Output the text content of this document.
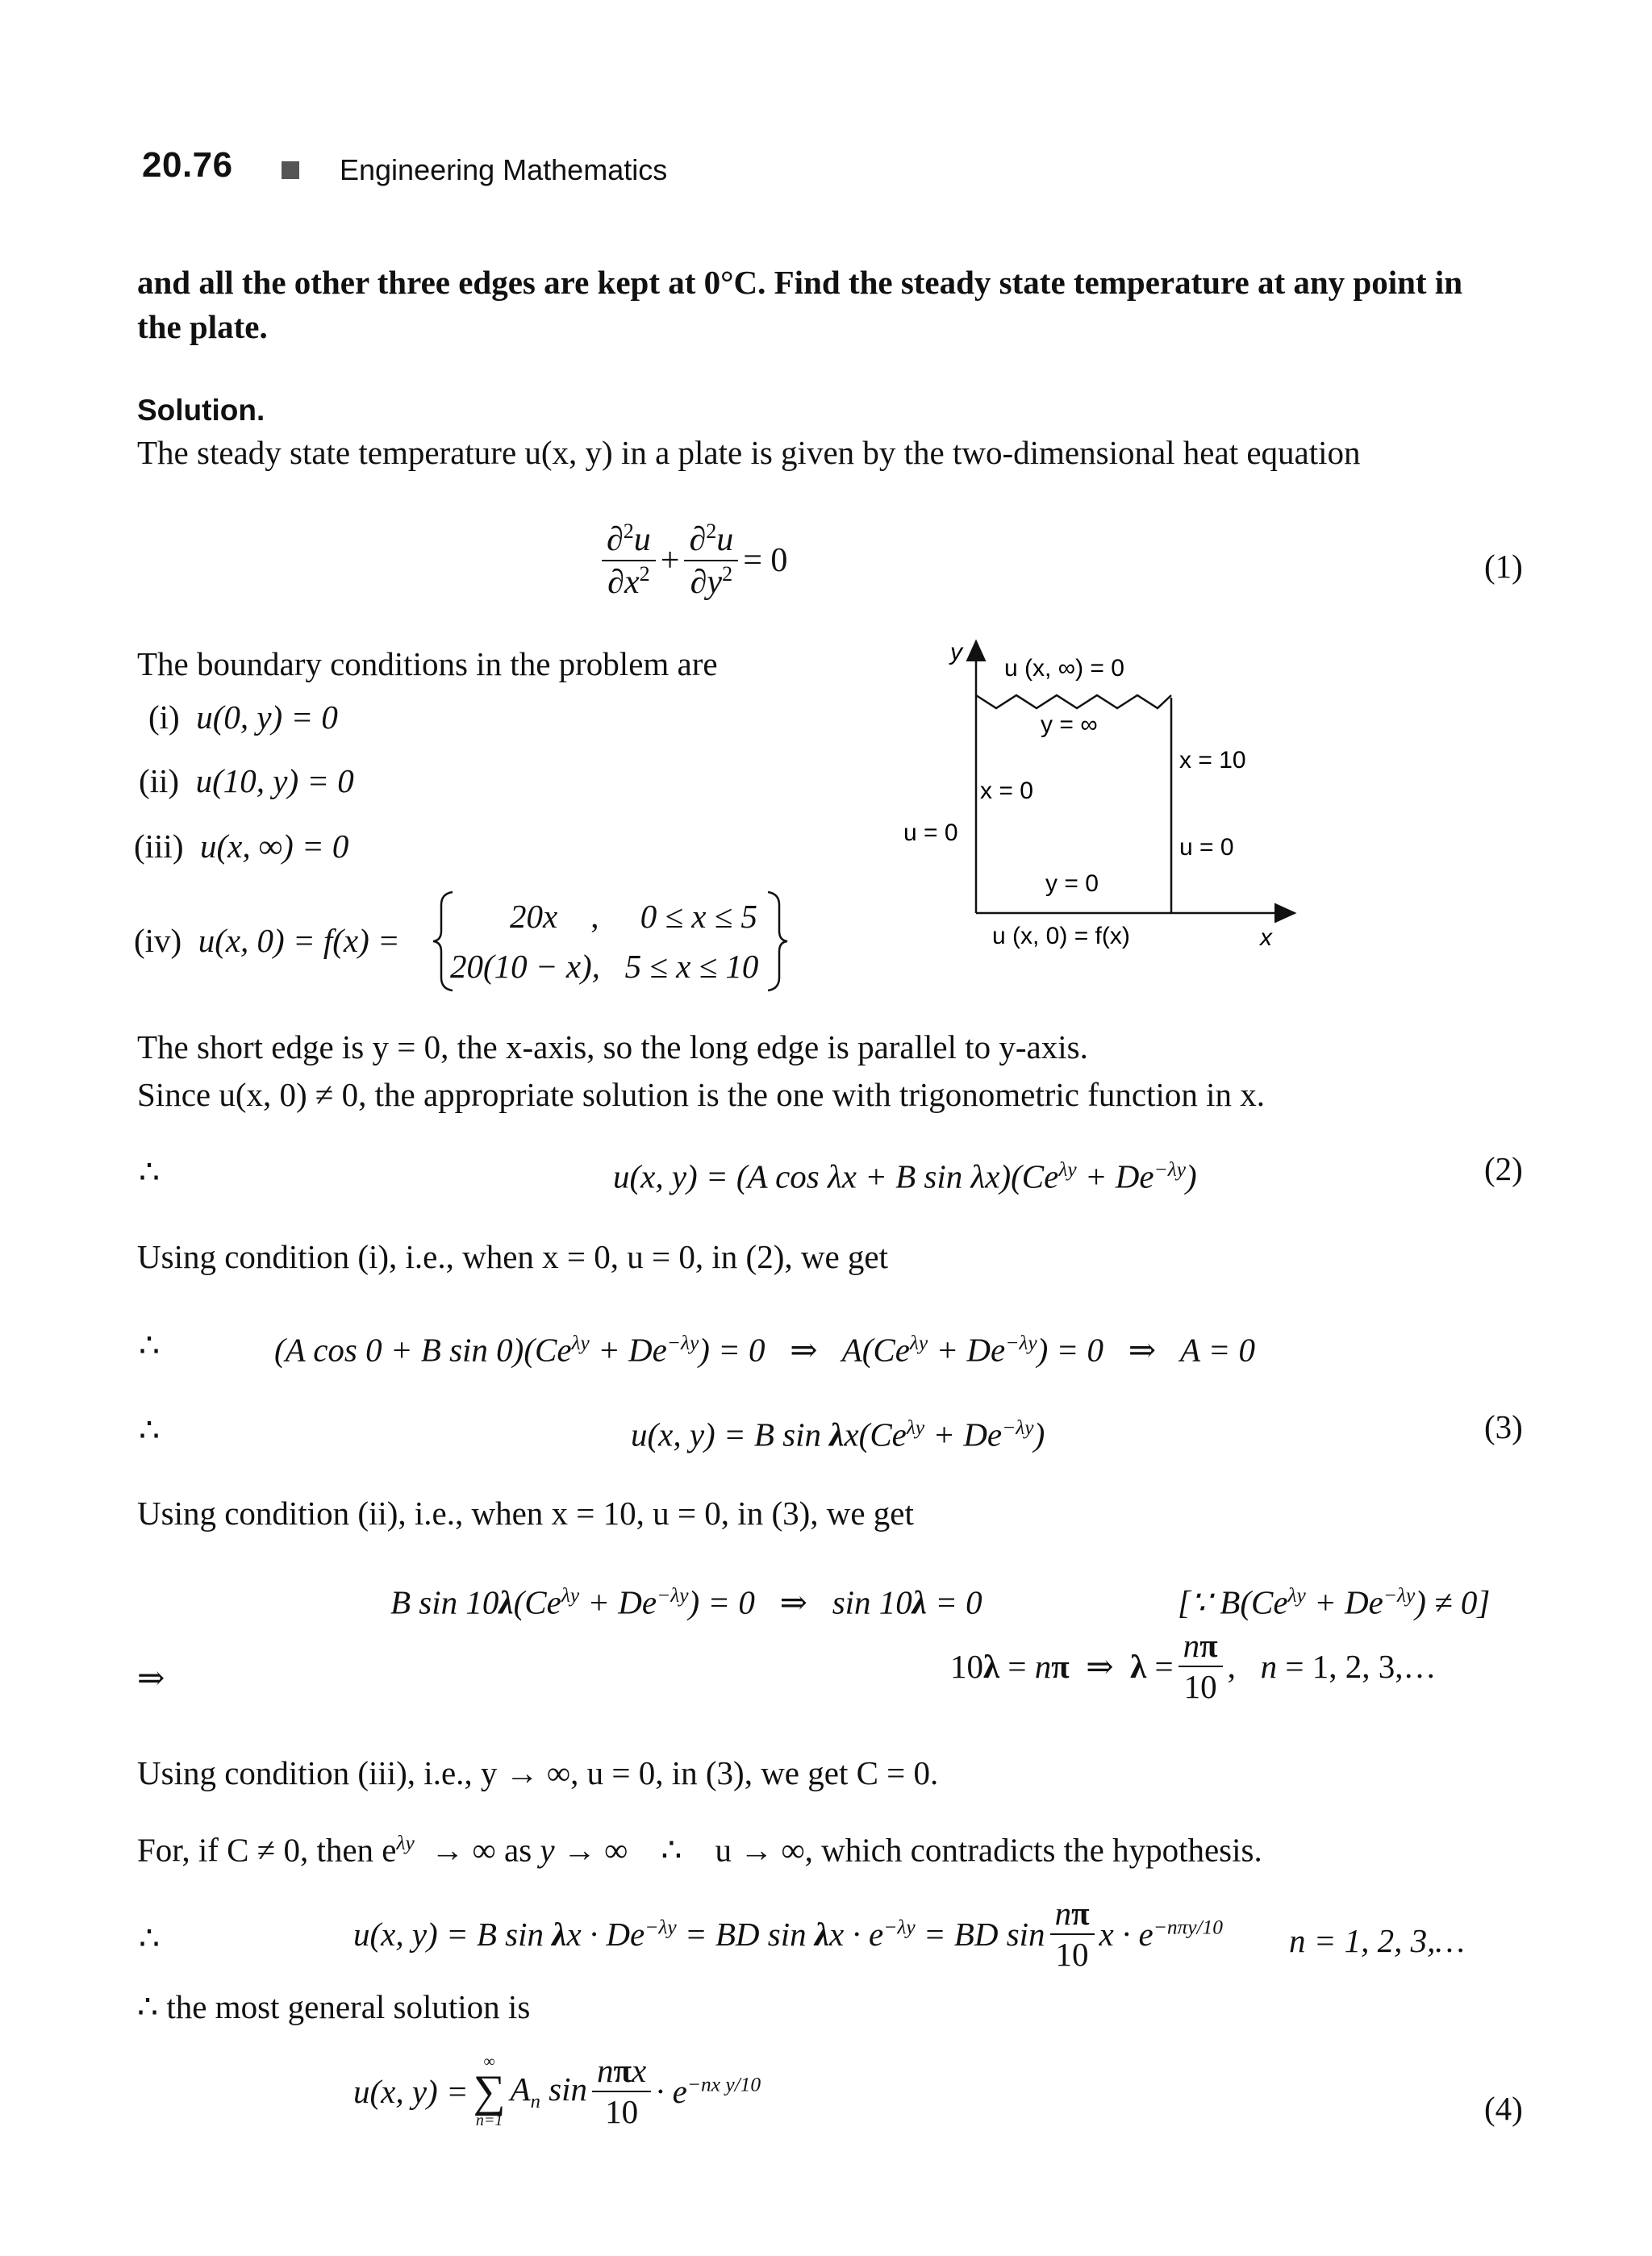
20.76	Engineering Mathematics
and all the other three edges are kept at 0°C. Find the steady state temperature at any point in
the plate.
Solution.
The steady state temperature u(x, y) in a plate is given by the two-dimensional heat equation
$\frac{\partial^2u}{\partial x^2} + \frac{\partial^2u}{\partial y^2} = 0$	(1)
The boundary conditions in the problem are
(i) u(0, y) = 0
(ii) u(10, y) = 0
(iii) u(x, ∞) = 0
(iv) u(x, 0) = f(x) =
20x , 0 ≤ x ≤ 5
20(10 − x), 5 ≤ x ≤ 10
y
u (x, ∞) = 0
y = ∞
x = 10
x = 0
u = 0
u = 0
y = 0
u (x, 0) = f(x)	x
The short edge is y = 0, the x-axis, so the long edge is parallel to y-axis.
Since u(x, 0) ≠ 0, the appropriate solution is the one with trigonometric function in x.
∴	u(x, y) = (A cos λx + B $\sin \lambda x)(Ce^{\lambda y} + De^{-\lambda y})$	(2)
Using condition (i), i.e., when x = 0, u = 0, in (2), we get
∴	(A cos 0 + B $\sin 0)(Ce^{\lambda y} + De^{-\lambda y}) = 0$   ⇒   $A(Ce^{\lambda y} + De^{-\lambda y}) = 0$   ⇒   A = 0
∴	u(x, y) = B $\sin \lambda x(Ce^{\lambda y} + De^{-\lambda y})$	(3)
Using condition (ii), i.e., when x = 10, u = 0, in (3), we get
B $\sin 10\lambda(Ce^{\lambda y} + De^{-\lambda y}) = 0$   ⇒   sin 10λ = 0	[∵ $B(Ce^{\lambda y} + De^{-\lambda y}) \ne 0$]
⇒	10λ = nπ  ⇒  $\lambda = \frac{n\pi}{10}$ ,   n = 1, 2, 3,…
Using condition (iii), i.e., y → ∞, u = 0, in (3), we get C = 0.
For, if C ≠ 0, then $e^{\lambda y}$  → ∞ as y → ∞    ∴    u → ∞, which contradicts the hypothesis.
∴	u(x, y) = B $\sin \lambda x \cdot De^{-\lambda y}$ = BD $\sin \lambda x \cdot e^{-\lambda y}$ = BD $\sin \frac{n\pi}{10}$ $x \cdot e^{-n\pi y/10}$ n = 1, 2, 3,…
∴ the most general solution is
u(x, y) =
∞
∑
n=1
$A_n$ $\sin \frac{\text{nπx}}{10} \cdot e^{-nx y/10}$
(4)
